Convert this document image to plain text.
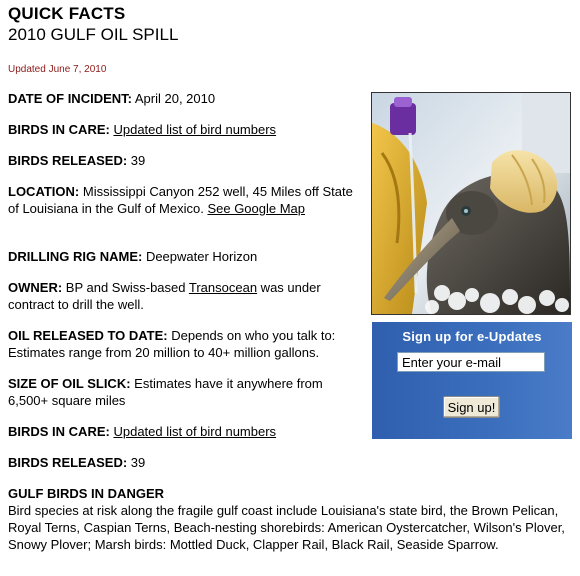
QUICK FACTS
2010 GULF OIL SPILL
Updated June 7, 2010
DATE OF INCIDENT: April 20, 2010
BIRDS IN CARE: Updated list of bird numbers
BIRDS RELEASED: 39
LOCATION: Mississippi Canyon 252 well, 45 Miles off State of Louisiana in the Gulf of Mexico. See Google Map
DRILLING RIG NAME: Deepwater Horizon
OWNER: BP and Swiss-based Transocean was under contract to drill the well.
OIL RELEASED TO DATE: Depends on who you talk to: Estimates range from 20 million to 40+ million gallons.
SIZE OF OIL SLICK: Estimates have it anywhere from 6,500+ square miles
BIRDS IN CARE: Updated list of bird numbers
BIRDS RELEASED: 39
GULF BIRDS IN DANGER
Bird species at risk along the fragile gulf coast include Louisiana's state bird, the Brown Pelican, Royal Terns, Caspian Terns, Beach-nesting shorebirds: American Oystercatcher, Wilson's Plover, Snowy Plover; Marsh birds: Mottled Duck, Clapper Rail, Black Rail, Seaside Sparrow.
Sign up for e-Updates
Enter your e-mail
Sign up!
